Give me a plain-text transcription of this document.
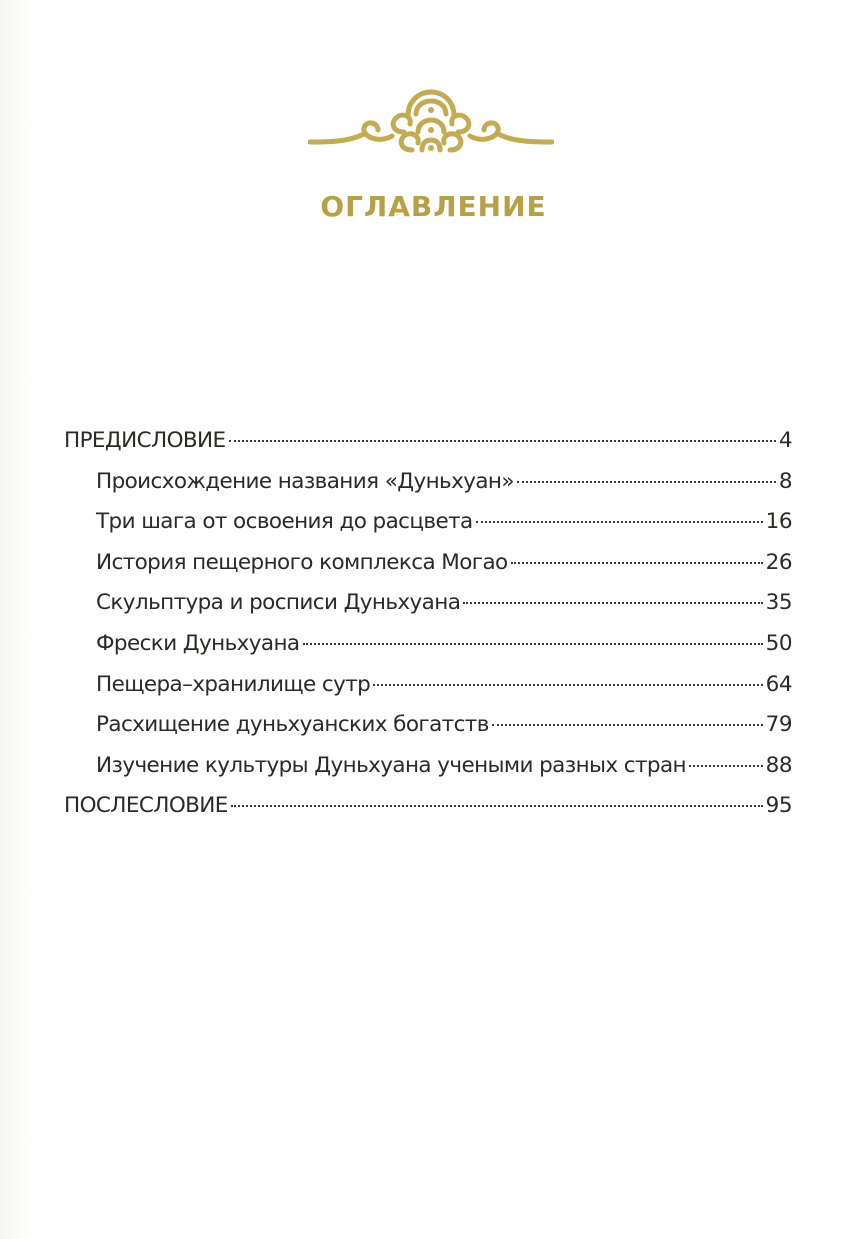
ОГЛАВЛЕНИЕ
ПРЕДИСЛОВИЕ	4
Происхождение названия «Дуньхуан»	8
Три шага от освоения до расцвета	16
История пещерного комплекса Могао	26
Скульптура и росписи Дуньхуана	35
Фрески Дуньхуана	50
Пещера–хранилище сутр	64
Расхищение дуньхуанских богатств	79
Изучение культуры Дуньхуана учеными разных стран	88
ПОСЛЕСЛОВИЕ	95
